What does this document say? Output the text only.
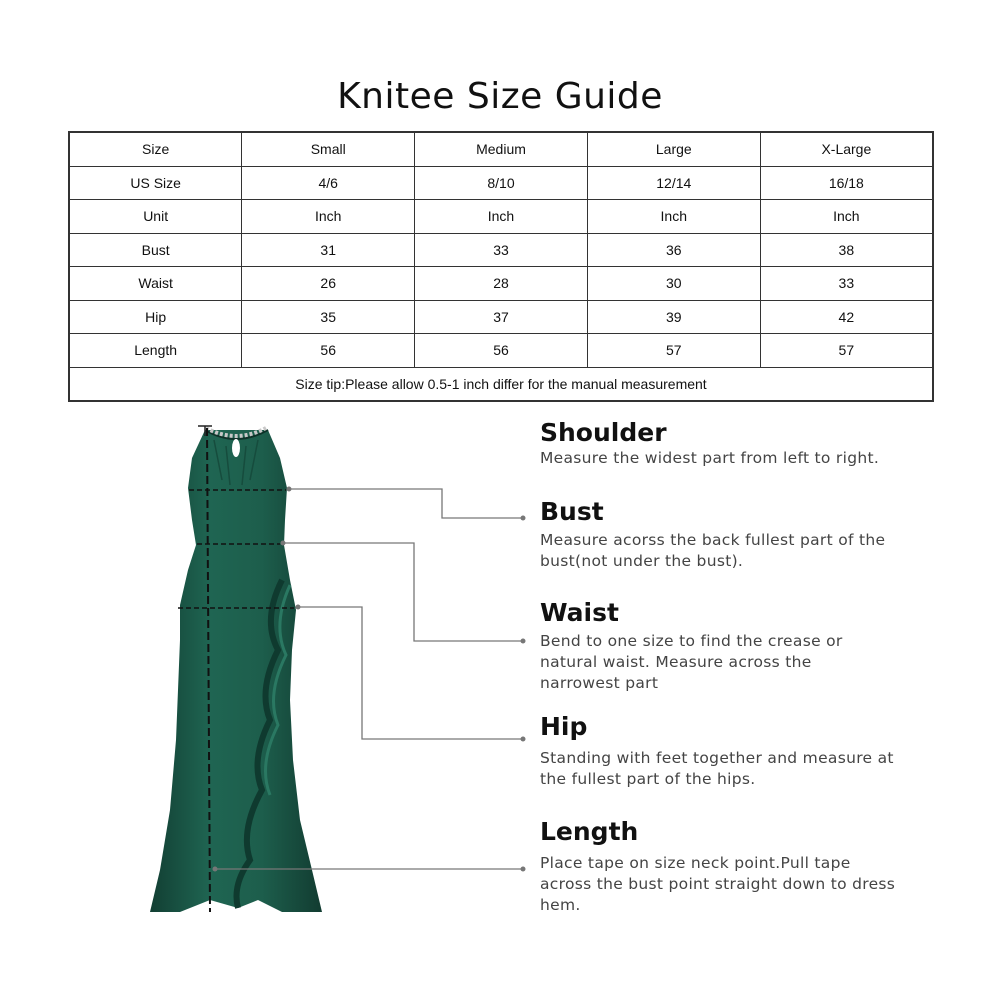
Knitee Size Guide
Size	Small	Medium	Large	X-Large
US Size	4/6	8/10	12/14	16/18
Unit	Inch	Inch	Inch	Inch
Bust	31	33	36	38
Waist	26	28	30	33
Hip	35	37	39	42
Length	56	56	57	57
Size tip:Please allow 0.5-1 inch differ for the manual measurement				
Shoulder

Measure the widest part from left to right.

Bust

Measure acorss the back fullest part of the

bust(not under the bust).

Waist

Bend to one size to find the crease or

natural waist. Measure across the

narrowest part

Hip

Standing with feet together and measure at

the fullest part of the hips.

Length

Place tape on size neck point.Pull tape

across the bust point straight down to dress

hem.
